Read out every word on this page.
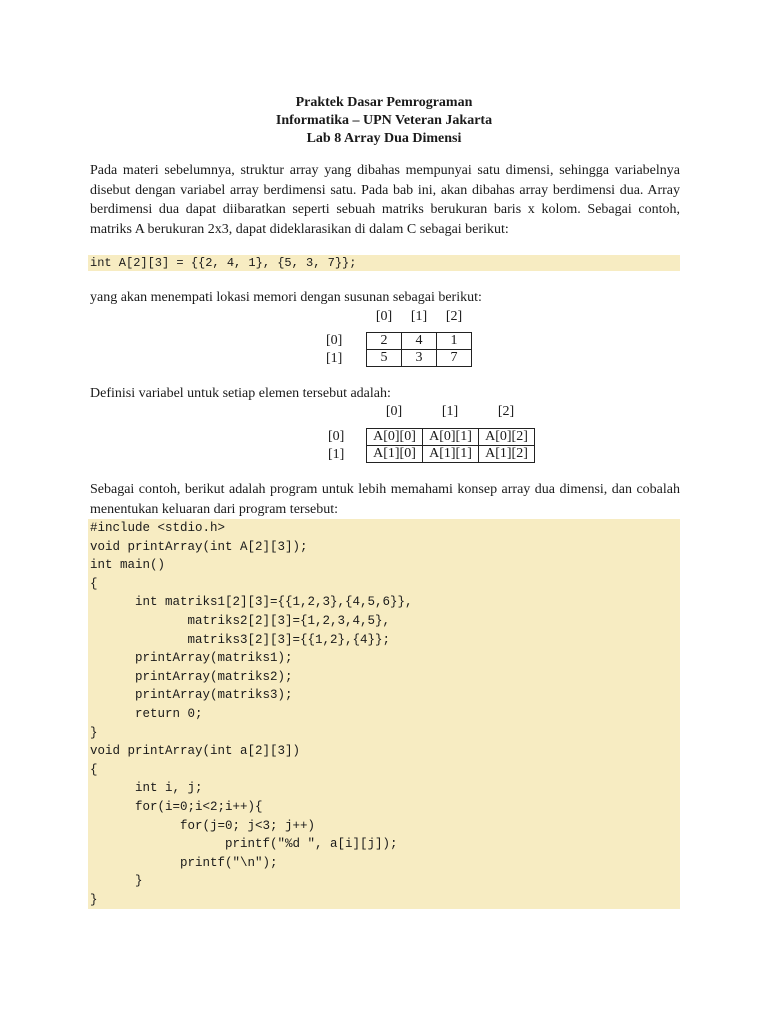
Praktek Dasar Pemrograman
Informatika – UPN Veteran Jakarta
Lab 8 Array Dua Dimensi

Pada materi sebelumnya, struktur array yang dibahas mempunyai satu dimensi, sehingga variabelnya disebut dengan variabel array berdimensi satu. Pada bab ini, akan dibahas array berdimensi dua. Array berdimensi dua dapat diibaratkan seperti sebuah matriks berukuran baris x kolom. Sebagai contoh, matriks A berukuran 2x3, dapat dideklarasikan di dalam C sebagai berikut:

int A[2][3] = {{2, 4, 1}, {5, 3, 7}};
yang akan menempati lokasi memori dengan susunan sebagai berikut:
[0]	[1]	[2]
[0]
[1]
2	4	1
5	3	7
Definisi variabel untuk setiap elemen tersebut adalah:
[0]	[1]	[2]
[0]
[1]
A[0][0]	A[0][1]	A[0][2]
A[1][0]	A[1][1]	A[1][2]

Sebagai contoh, berikut adalah program untuk lebih memahami konsep array dua dimensi, dan cobalah menentukan keluaran dari program tersebut:

#include <stdio.h>
void printArray(int A[2][3]);
int main()
{
int matriks1[2][3]={{1,2,3},{4,5,6}},
matriks2[2][3]={1,2,3,4,5},
matriks3[2][3]={{1,2},{4}};
printArray(matriks1);
printArray(matriks2);
printArray(matriks3);
return 0;
}
void printArray(int a[2][3])
{
int i, j;
for(i=0;i<2;i++){
for(j=0; j<3; j++)
printf("%d ", a[i][j]);
printf("\n");
}
}
